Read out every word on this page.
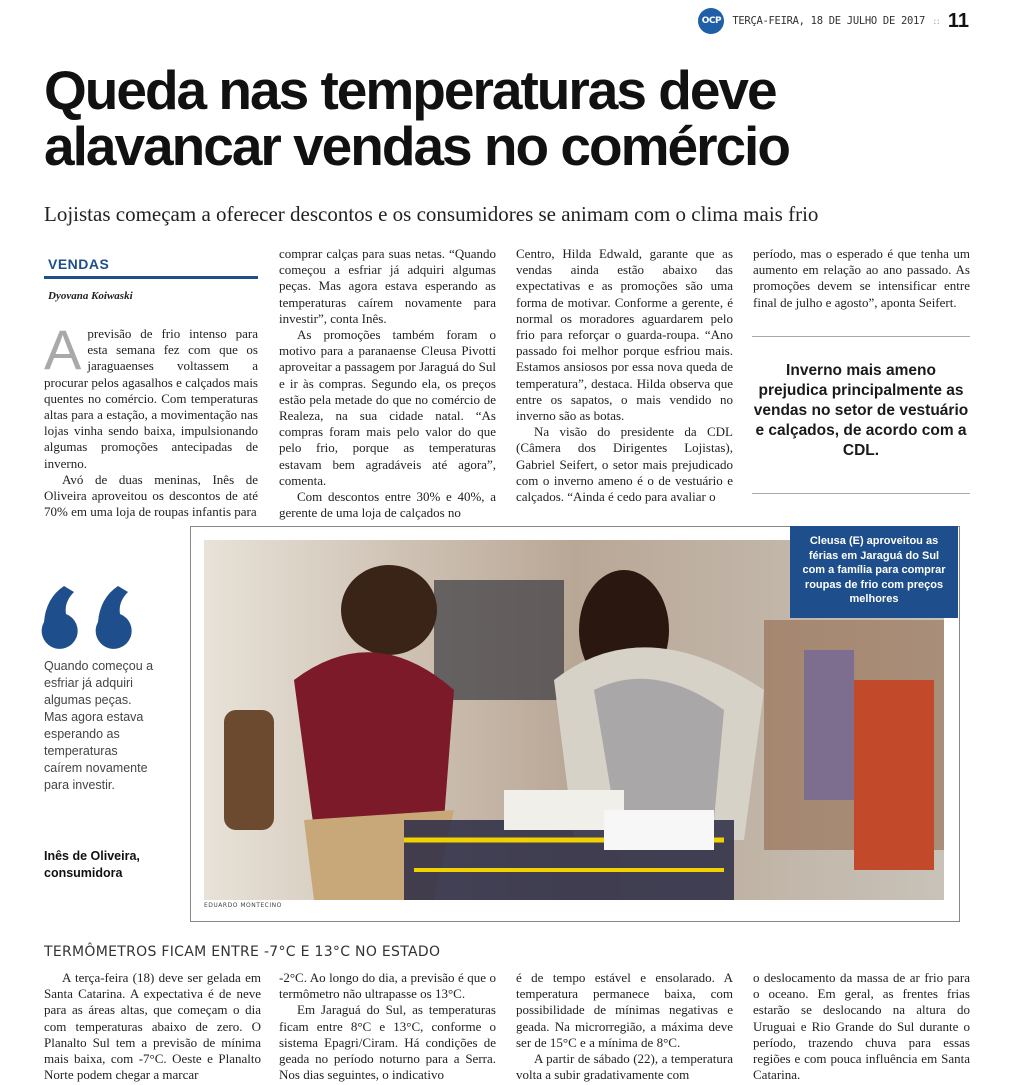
OCP	TERÇA-FEIRA, 18 DE JULHO DE 2017 :: 11
Queda nas temperaturas deve
alavancar vendas no comércio
Lojistas começam a oferecer descontos e os consumidores se animam com o clima mais frio
VENDAS
Dyovana Koiwaski

Aprevisão de frio intenso para esta semana fez com que os jaraguaenses voltassem a procurar pelos agasalhos e calçados mais quentes no comércio. Com temperaturas altas para a estação, a movimentação nas lojas vinha sendo baixa, impulsionando algumas promoções antecipadas de inverno.

Avó de duas meninas, Inês de Oliveira aproveitou os descontos de até 70% em uma loja de roupas infantis para

comprar calças para suas netas. “Quando começou a esfriar já adquiri algumas peças. Mas agora estava esperando as temperaturas caírem novamente para investir”, conta Inês.

As promoções também foram o motivo para a paranaense Cleusa Pivotti aproveitar a passagem por Jaraguá do Sul e ir às compras. Segundo ela, os preços estão pela metade do que no comércio de Realeza, na sua cidade natal. “As compras foram mais pelo valor do que pelo frio, porque as temperaturas estavam bem agradáveis até agora”, comenta.

Com descontos entre 30% e 40%, a gerente de uma loja de calçados no

Centro, Hilda Edwald, garante que as vendas ainda estão abaixo das expectativas e as promoções são uma forma de motivar. Conforme a gerente, é normal os moradores aguardarem pelo frio para reforçar o guarda-roupa. “Ano passado foi melhor porque esfriou mais. Estamos ansiosos por essa nova queda de temperatura”, destaca. Hilda observa que entre os sapatos, o mais vendido no inverno são as botas.

Na visão do presidente da CDL (Câmera dos Dirigentes Lojistas), Gabriel Seifert, o setor mais prejudicado com o inverno ameno é o de vestuário e calçados. “Ainda é cedo para avaliar o

período, mas o esperado é que tenha um aumento em relação ao ano passado. As promoções devem se intensificar entre final de julho e agosto”, aponta Seifert.

Inverno mais ameno prejudica principalmente as vendas no setor de vestuário e calçados, de acordo com a CDL.
EDUARDO MONTECINO
Cleusa (E) aproveitou as férias em Jaraguá do Sul com a família para comprar roupas de frio com preços melhores
Quando começou a esfriar já adquiri algumas peças. Mas agora estava esperando as temperaturas caírem novamente para investir.
Inês de Oliveira,
consumidora
TERMÔMETROS FICAM ENTRE -7°C E 13°C NO ESTADO

A terça-feira (18) deve ser gelada em Santa Catarina. A expectativa é de neve para as áreas altas, que começam o dia com temperaturas abaixo de zero. O Planalto Sul tem a previsão de mínima mais baixa, com -7°C. Oeste e Planalto Norte podem chegar a marcar

-2°C. Ao longo do dia, a previsão é que o termômetro não ultrapasse os 13°C.

Em Jaraguá do Sul, as temperaturas ficam entre 8°C e 13°C, conforme o sistema Epagri/Ciram. Há condições de geada no período noturno para a Serra. Nos dias seguintes, o indicativo

é de tempo estável e ensolarado. A temperatura permanece baixa, com possibilidade de mínimas negativas e geada. Na microrregião, a máxima deve ser de 15°C e a mínima de 8°C.

A partir de sábado (22), a temperatura volta a subir gradativamente com

o deslocamento da massa de ar frio para o oceano. Em geral, as frentes frias estarão se deslocando na altura do Uruguai e Rio Grande do Sul durante o período, trazendo chuva para essas regiões e com pouca influência em Santa Catarina.
